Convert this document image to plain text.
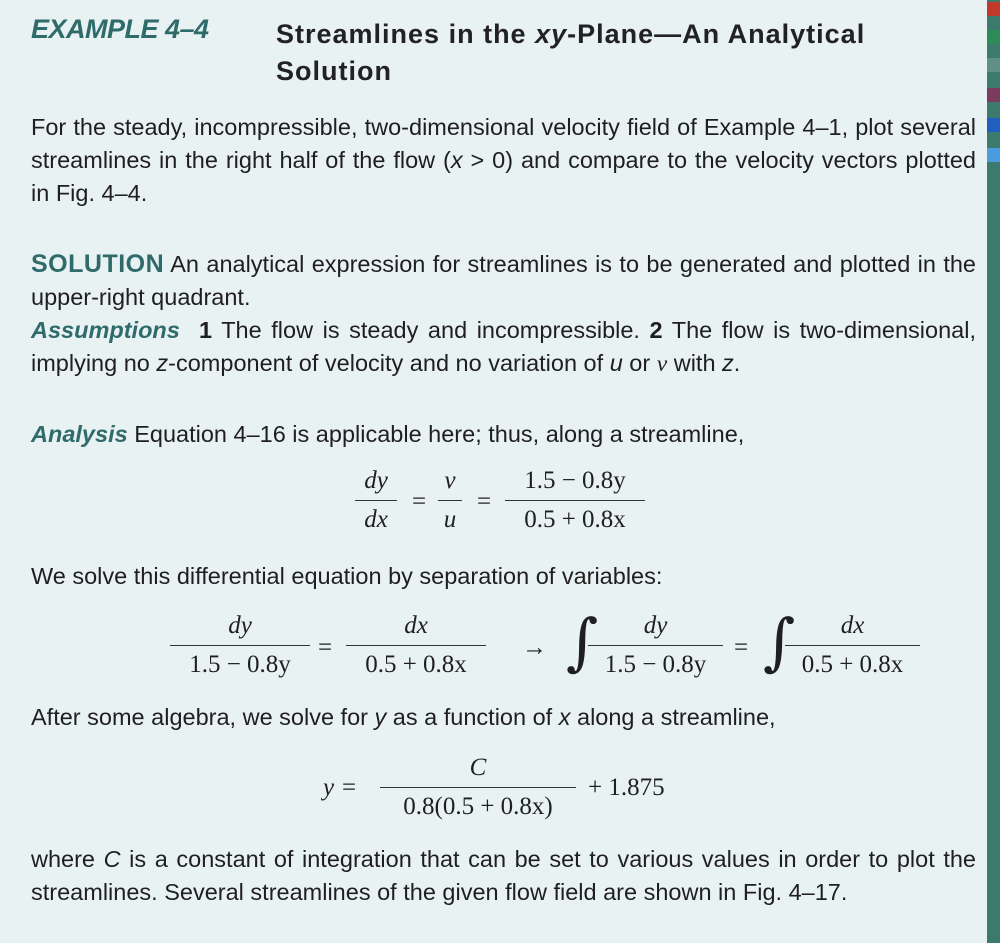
EXAMPLE 4–4 Streamlines in the xy-Plane—An Analytical Solution

For the steady, incompressible, two-dimensional velocity field of Example 4–1, plot several streamlines in the right half of the flow (x > 0) and compare to the velocity vectors plotted in Fig. 4–4.

SOLUTION An analytical expression for streamlines is to be generated and plotted in the upper-right quadrant.

Assumptions 1 The flow is steady and incompressible. 2 The flow is two-dimensional, implying no z-component of velocity and no variation of u or v with z.

Analysis Equation 4–16 is applicable here; thus, along a streamline,

dy
dx
=
v
u
=
1.5 − 0.8y
0.5 + 0.8x

We solve this differential equation by separation of variables:

dy
1.5 − 0.8y
=
dx
0.5 + 0.8x
→ ∫	dy
1.5 − 0.8y
= ∫	dx
0.5 + 0.8x

After some algebra, we solve for y as a function of x along a streamline,

y =
C
0.8(0.5 + 0.8x)
+ 1.875

where C is a constant of integration that can be set to various values in order to plot the streamlines. Several streamlines of the given flow field are shown in Fig. 4–17.
